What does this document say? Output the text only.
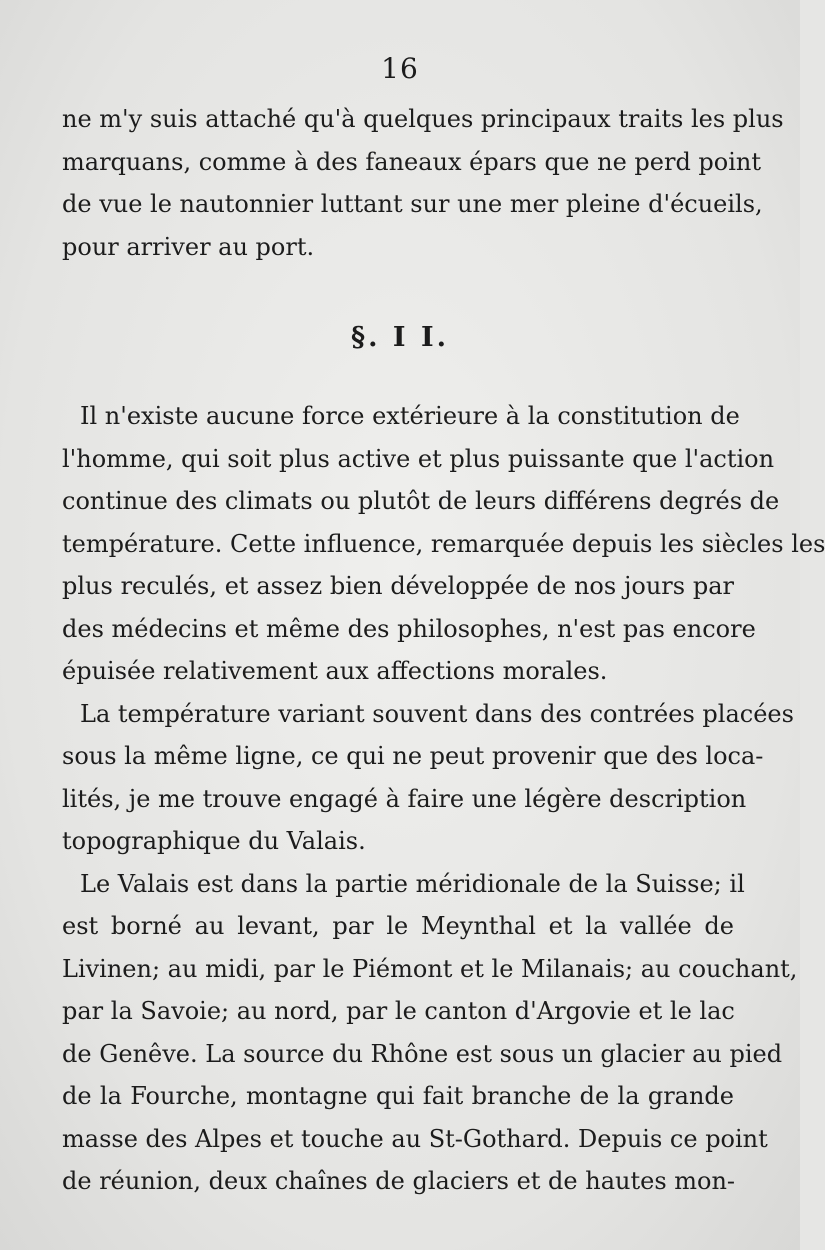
16
ne m'y suis attaché qu'à quelques principaux traits les plus
marquans, comme à des faneaux épars que ne perd point
de vue le nautonnier luttant sur une mer pleine d'écueils,
pour arriver au port.
§. I I.
Il n'existe aucune force extérieure à la constitution de
l'homme, qui soit plus active et plus puissante que l'action
continue des climats ou plutôt de leurs différens degrés de
température. Cette influence, remarquée depuis les siècles les
plus reculés, et assez bien développée de nos jours par
des médecins et même des philosophes, n'est pas encore
épuisée relativement aux affections morales.
La température variant souvent dans des contrées placées
sous la même ligne, ce qui ne peut provenir que des loca-
lités, je me trouve engagé à faire une légère description
topographique du Valais.
Le Valais est dans la partie méridionale de la Suisse; il
est borné au levant, par le Meynthal et la vallée de
Livinen; au midi, par le Piémont et le Milanais; au couchant,
par la Savoie; au nord, par le canton d'Argovie et le lac
de Genêve. La source du Rhône est sous un glacier au pied
de la Fourche, montagne qui fait branche de la grande
masse des Alpes et touche au St-Gothard. Depuis ce point
de réunion, deux chaînes de glaciers et de hautes mon-
